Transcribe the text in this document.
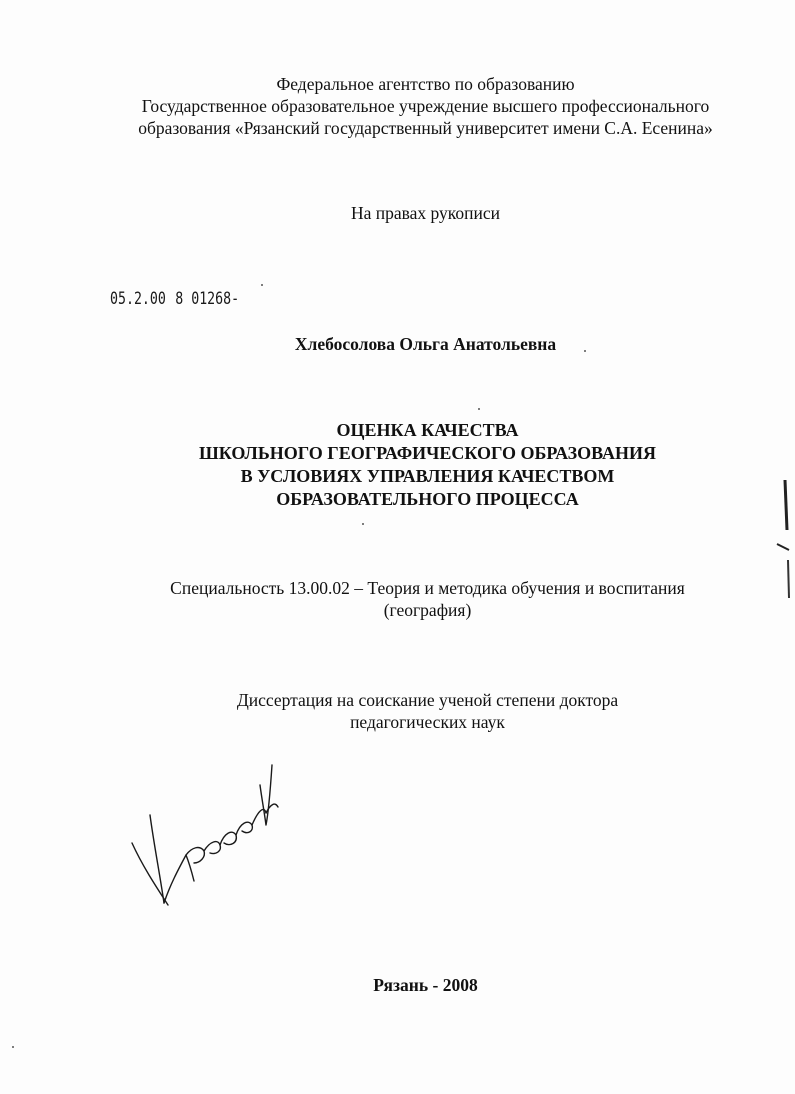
Федеральное агентство по образованию
Государственное образовательное учреждение высшего профессионального
образования «Рязанский государственный университет имени С.А. Есенина»
На правах рукописи
05.2.00 8 01268-
Хлебосолова Ольга Анатольевна
ОЦЕНКА КАЧЕСТВА
ШКОЛЬНОГО ГЕОГРАФИЧЕСКОГО ОБРАЗОВАНИЯ
В УСЛОВИЯХ УПРАВЛЕНИЯ КАЧЕСТВОМ
ОБРАЗОВАТЕЛЬНОГО ПРОЦЕССА
Специальность 13.00.02 – Теория и методика обучения и воспитания
(география)
Диссертация на соискание ученой степени доктора
педагогических наук
Рязань - 2008
